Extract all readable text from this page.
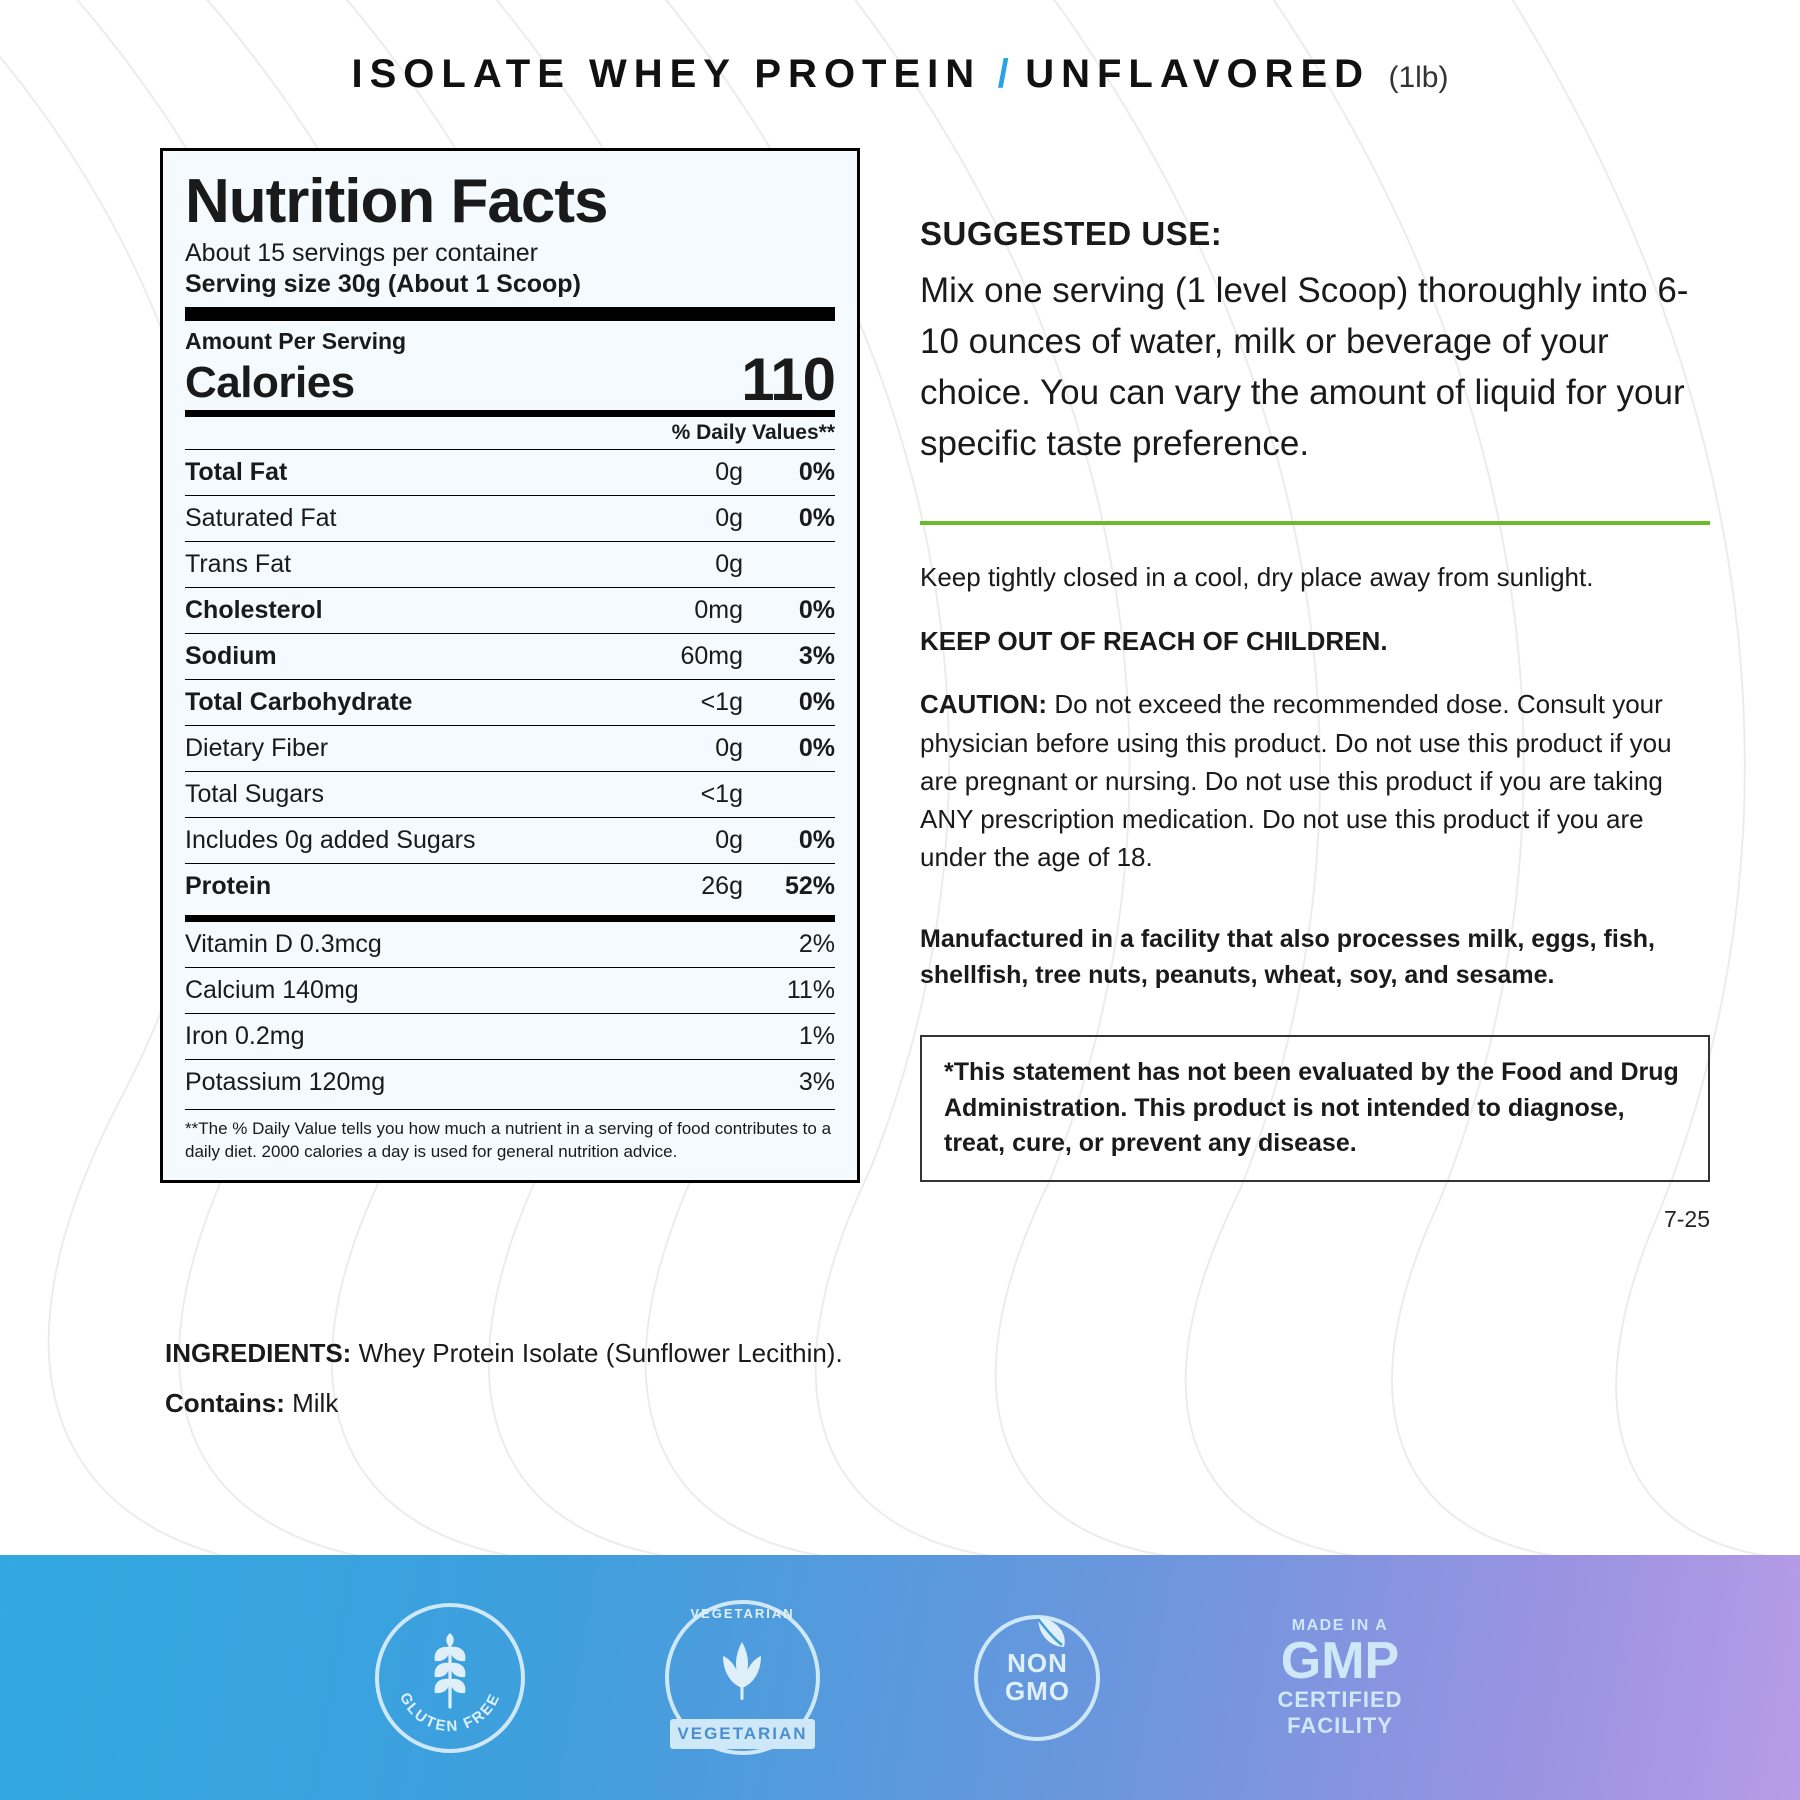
ISOLATE WHEY PROTEIN / UNFLAVORED (1lb)
Nutrition Facts
About 15 servings per container
Serving size 30g (About 1 Scoop)
Amount Per Serving
Calories	110
% Daily Values**
Total Fat	0g	0%
Saturated Fat	0g	0%
Trans Fat	0g	
Cholesterol	0mg	0%
Sodium	60mg	3%
Total Carbohydrate	<1g	0%
Dietary Fiber	0g	0%
Total Sugars	<1g	
Includes 0g added Sugars	0g	0%
Protein	26g	52%
Vitamin D 0.3mcg	2%
Calcium 140mg	11%
Iron 0.2mg	1%
Potassium 120mg	3%
**The % Daily Value tells you how much a nutrient in a serving of food contributes to a daily diet. 2000 calories a day is used for general nutrition advice.
INGREDIENTS: Whey Protein Isolate (Sunflower Lecithin).
Contains: Milk
SUGGESTED USE:
Mix one serving (1 level Scoop) thoroughly into 6-10 ounces of water, milk or beverage of your choice. You can vary the amount of liquid for your specific taste preference.
Keep tightly closed in a cool, dry place away from sunlight.
KEEP OUT OF REACH OF CHILDREN.
CAUTION: Do not exceed the recommended dose. Consult your physician before using this product. Do not use this product if you are pregnant or nursing. Do not use this product if you are taking ANY prescription medication. Do not use this product if you are under the age of 18.
Manufactured in a facility that also processes milk, eggs, fish, shellfish, tree nuts, peanuts, wheat, soy, and sesame.
*This statement has not been evaluated by the Food and Drug Administration. This product is not intended to diagnose, treat, cure, or prevent any disease.
7-25
GLUTEN FREE
VEGETARIAN
VEGETARIAN
NON
GMO
MADE IN A
GMP
CERTIFIED
FACILITY
